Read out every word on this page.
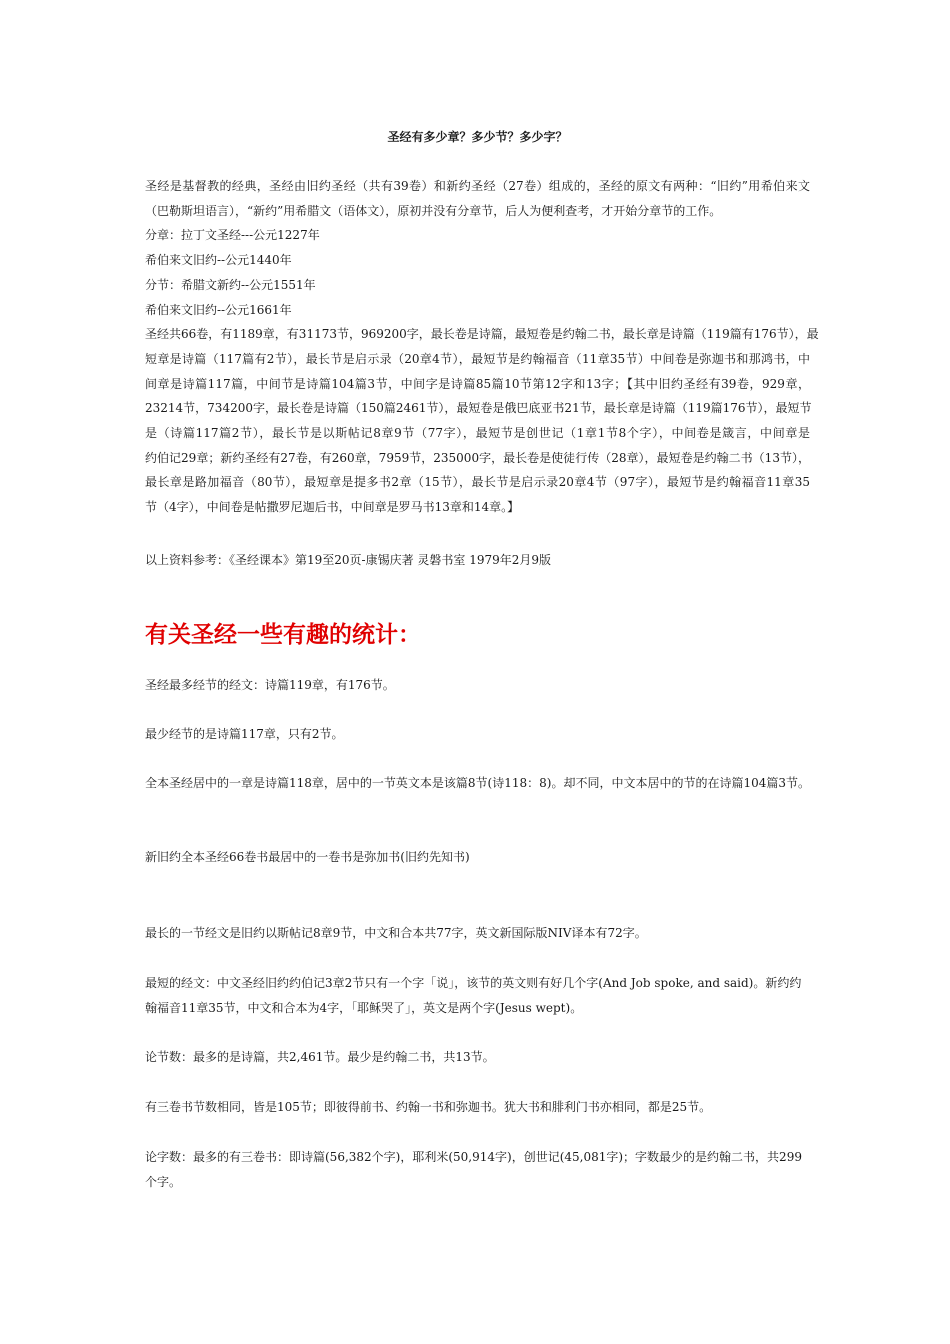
圣经有多少章？多少节？多少字？
圣经是基督教的经典，圣经由旧约圣经（共有39卷）和新约圣经（27卷）组成的，圣经的原文有两种：“旧约”用希伯来文
（巴勒斯坦语言），“新约”用希腊文（语体文），原初并没有分章节，后人为便利查考，才开始分章节的工作。
分章：拉丁文圣经---公元1227年
希伯来文旧约--公元1440年
分节：希腊文新约--公元1551年
希伯来文旧约--公元1661年
圣经共66卷，有1189章，有31173节，969200字，最长卷是诗篇，最短卷是约翰二书，最长章是诗篇（119篇有176节），最
短章是诗篇（117篇有2节），最长节是启示录（20章4节），最短节是约翰福音（11章35节）中间卷是弥迦书和那鸿书，中
间章是诗篇117篇，中间节是诗篇104篇3节，中间字是诗篇85篇10节第12字和13字；【其中旧约圣经有39卷，929章，
23214节，734200字，最长卷是诗篇（150篇2461节），最短卷是俄巴底亚书21节，最长章是诗篇（119篇176节），最短节
是（诗篇117篇2节），最长节是以斯帖记8章9节（77字），最短节是创世记（1章1节8个字），中间卷是箴言，中间章是
约伯记29章；新约圣经有27卷，有260章，7959节，235000字，最长卷是使徒行传（28章），最短卷是约翰二书（13节），
最长章是路加福音（80节），最短章是提多书2章（15节），最长节是启示录20章4节（97字），最短节是约翰福音11章35
节（4字），中间卷是帖撒罗尼迦后书，中间章是罗马书13章和14章。】
以上资料参考：《圣经课本》第19至20页-康锡庆著 灵磐书室 1979年2月9版
有关圣经一些有趣的统计：
圣经最多经节的经文：诗篇119章，有176节。
最少经节的是诗篇117章，只有2节。
全本圣经居中的一章是诗篇118章，居中的一节英文本是该篇8节(诗118：8)。却不同，中文本居中的节的在诗篇104篇3节。
新旧约全本圣经66卷书最居中的一卷书是弥加书(旧约先知书)
最长的一节经文是旧约以斯帖记8章9节，中文和合本共77字，英文新国际版NIV译本有72字。
最短的经文：中文圣经旧约约伯记3章2节只有一个字「说」，该节的英文则有好几个字(And Job spoke, and said)。新约约翰福音11章35节，中文和合本为4字，「耶稣哭了」，英文是两个字(Jesus wept)。
论节数：最多的是诗篇，共2,461节。最少是约翰二书，共13节。
有三卷书节数相同，皆是105节；即彼得前书、约翰一书和弥迦书。犹大书和腓利门书亦相同，都是25节。
论字数：最多的有三卷书：即诗篇(56,382个字)，耶利米(50,914字)，创世记(45,081字)；字数最少的是约翰二书，共299个字。
